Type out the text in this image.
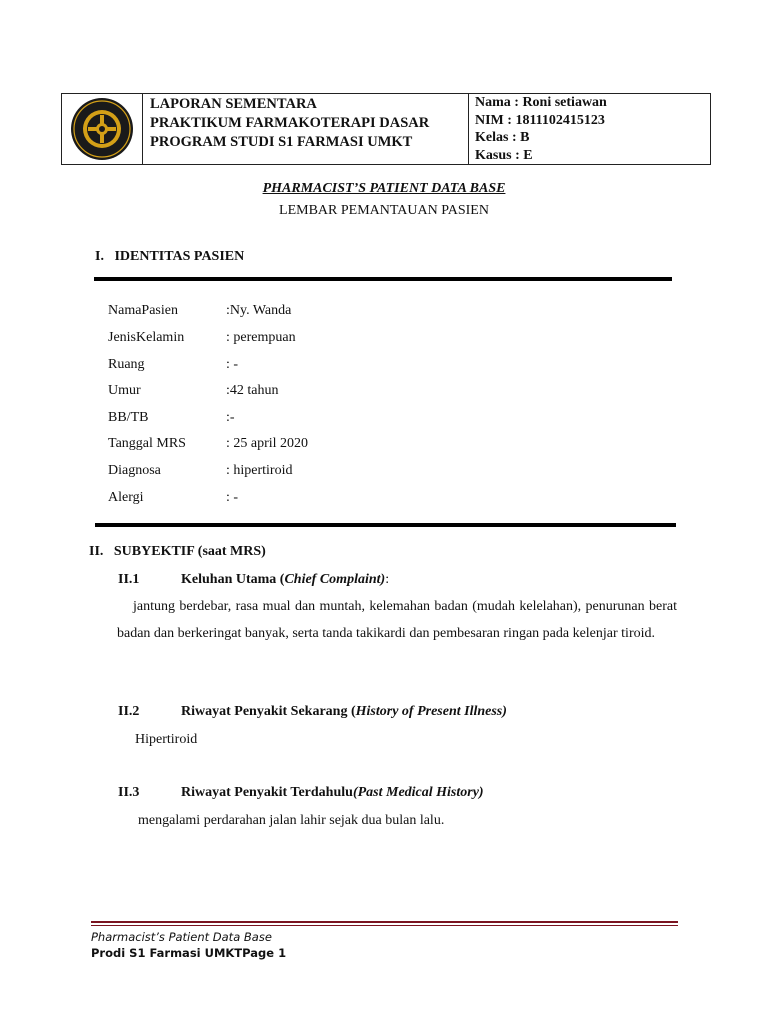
LAPORAN SEMENTARA
PRAKTIKUM FARMAKOTERAPI DASAR
PROGRAM STUDI S1 FARMASI UMKT
Nama : Roni setiawan
NIM : 1811102415123
Kelas : B
Kasus : E
PHARMACIST’S PATIENT DATA BASE
LEMBAR PEMANTAUAN PASIEN
I.   IDENTITAS PASIEN
NamaPasien	:Ny. Wanda
JenisKelamin	: perempuan
Ruang	: -
Umur	:42 tahun
BB/TB	:-
Tanggal MRS	: 25 april 2020
Diagnosa	: hipertiroid
Alergi	: -
II.   SUBYEKTIF (saat MRS)
II.1	Keluhan Utama (Chief Complaint):
jantung berdebar, rasa mual dan muntah, kelemahan badan (mudah kelelahan), penurunan berat badan dan berkeringat banyak, serta tanda takikardi dan pembesaran ringan pada kelenjar tiroid.
II.2	Riwayat Penyakit Sekarang (History of Present Illness)
Hipertiroid
II.3	Riwayat Penyakit Terdahulu(Past Medical History)
mengalami perdarahan jalan lahir sejak dua bulan lalu.
Pharmacist’s Patient Data Base
Prodi S1 Farmasi UMKTPage 1
